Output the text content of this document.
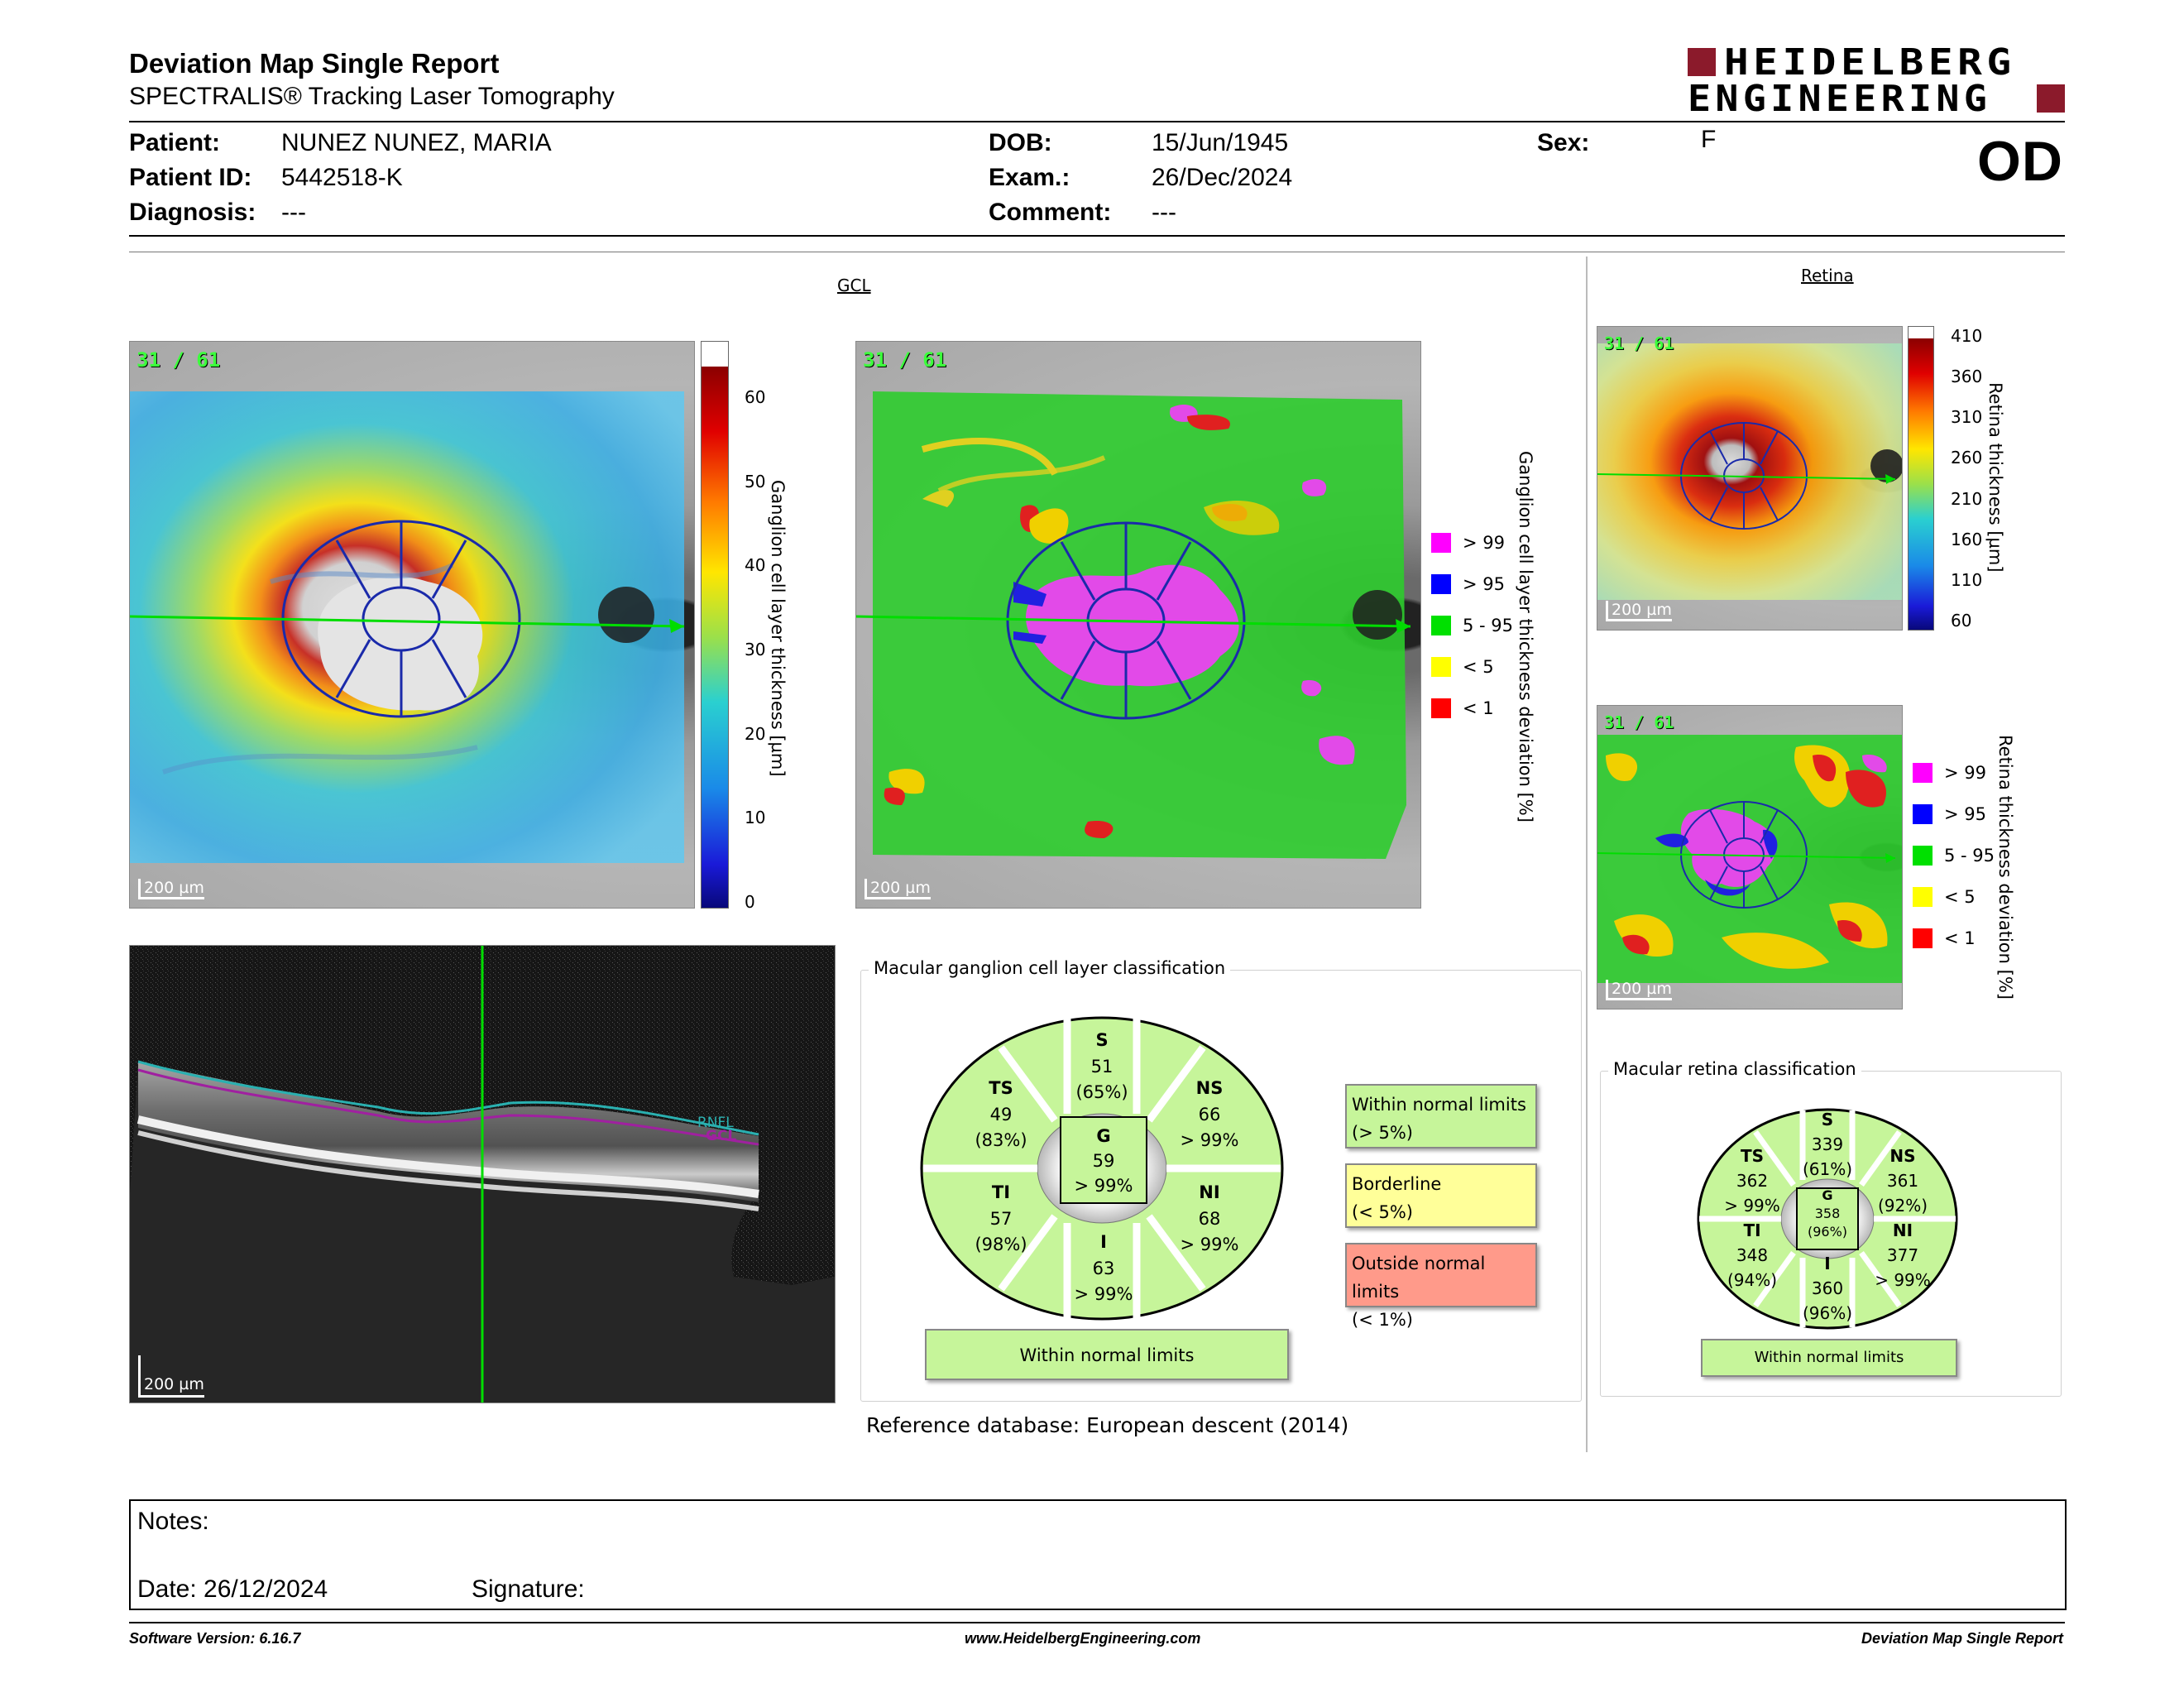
Deviation Map Single Report
SPECTRALIS® Tracking Laser Tomography
HEIDELBERG
ENGINEERING
Patient: NUNEZ NUNEZ, MARIA
Patient ID: 5442518-K
Diagnosis: ---
DOB:	15/Jun/1945
Exam.:	26/Dec/2024
Comment: ---
Sex:	F	OD
GCL	Retina
31 / 61
200 µm
60
50
40
30
20
10
0
Ganglion cell layer thickness [µm]
31 / 61
200 µm
Ganglion cell layer thickness deviation [%]
> 99
> 95
5 - 95
< 5
< 1
RNFL
GCL
200 µm
Macular ganglion cell layer classification
S
51
(65%)
TS
49
(83%)
NS
66
> 99%
G
59
> 99%
TI
57
(98%)
NI
68
> 99%
I
63
> 99%
Within normal limits
Within normal limits
(> 5%)
Borderline
(< 5%)
Outside normal limits
(< 1%)
Reference database: European descent (2014)
31 / 61
200 µm
410
360
310
260
210
160
110
60
Retina thickness [µm]
31 / 61
200 µm	Retina thickness deviation [%]
> 99
> 95
5 - 95
< 5
< 1
Macular retina classification
S
339
(61%)
TS
362
> 99%
NS
361
(92%)
G
358
(96%)
TI
348
(94%)
NI
377
> 99%
I
360
(96%)
Within normal limits
Notes:
Date: 26/12/2024	Signature:
Software Version: 6.16.7	www.HeidelbergEngineering.com	Deviation Map Single Report
